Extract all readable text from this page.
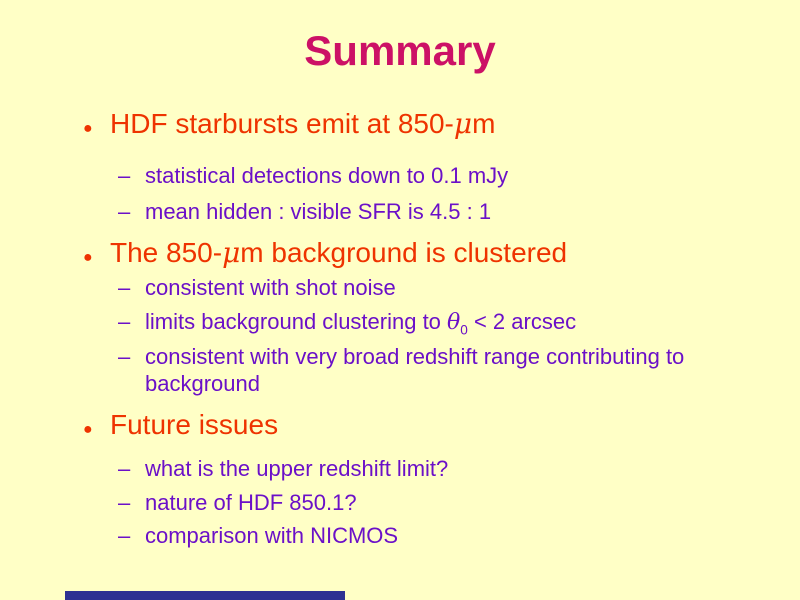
Summary
● HDF starbursts emit at 850-μm
– statistical detections down to 0.1 mJy
– mean hidden : visible SFR is 4.5 : 1
● The 850-μm background is clustered
– consistent with shot noise
– limits background clustering to $\theta_0 < 2$ arcsec
– consistent with very broad redshift range contributing to background
● Future issues
– what is the upper redshift limit?
– nature of HDF 850.1?
– comparison with NICMOS
